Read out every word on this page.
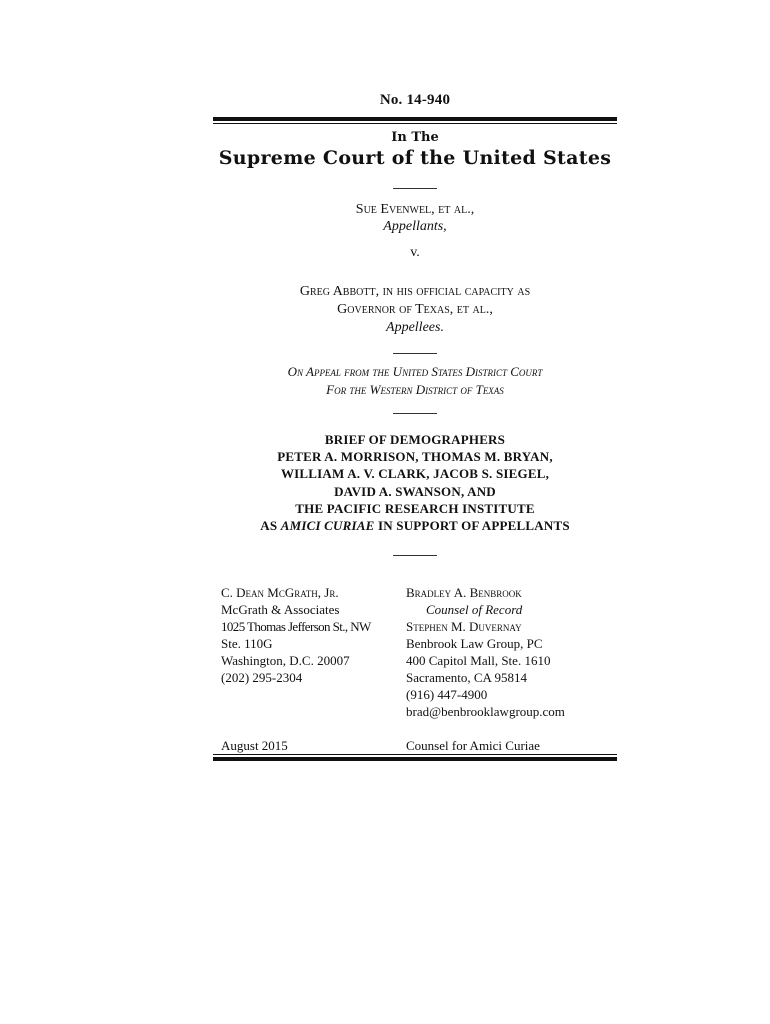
No. 14-940
In The
Supreme Court of the United States
Sue Evenwel, et al.,
Appellants,
v.
Greg Abbott, in his official capacity as
Governor of Texas, et al.,
Appellees.
On Appeal from the United States District Court
For the Western District of Texas
BRIEF OF DEMOGRAPHERS
PETER A. MORRISON, THOMAS M. BRYAN,
WILLIAM A. V. CLARK, JACOB S. SIEGEL,
DAVID A. SWANSON, AND
THE PACIFIC RESEARCH INSTITUTE
AS AMICI CURIAE IN SUPPORT OF APPELLANTS
C. Dean McGrath, Jr.
McGrath & Associates
1025 Thomas Jefferson St., NW
Ste. 110G
Washington, D.C. 20007
(202) 295-2304
Bradley A. Benbrook
Counsel of Record
Stephen M. Duvernay
Benbrook Law Group, PC
400 Capitol Mall, Ste. 1610
Sacramento, CA 95814
(916) 447-4900
brad@benbrooklawgroup.com
August 2015	Counsel for Amici Curiae
